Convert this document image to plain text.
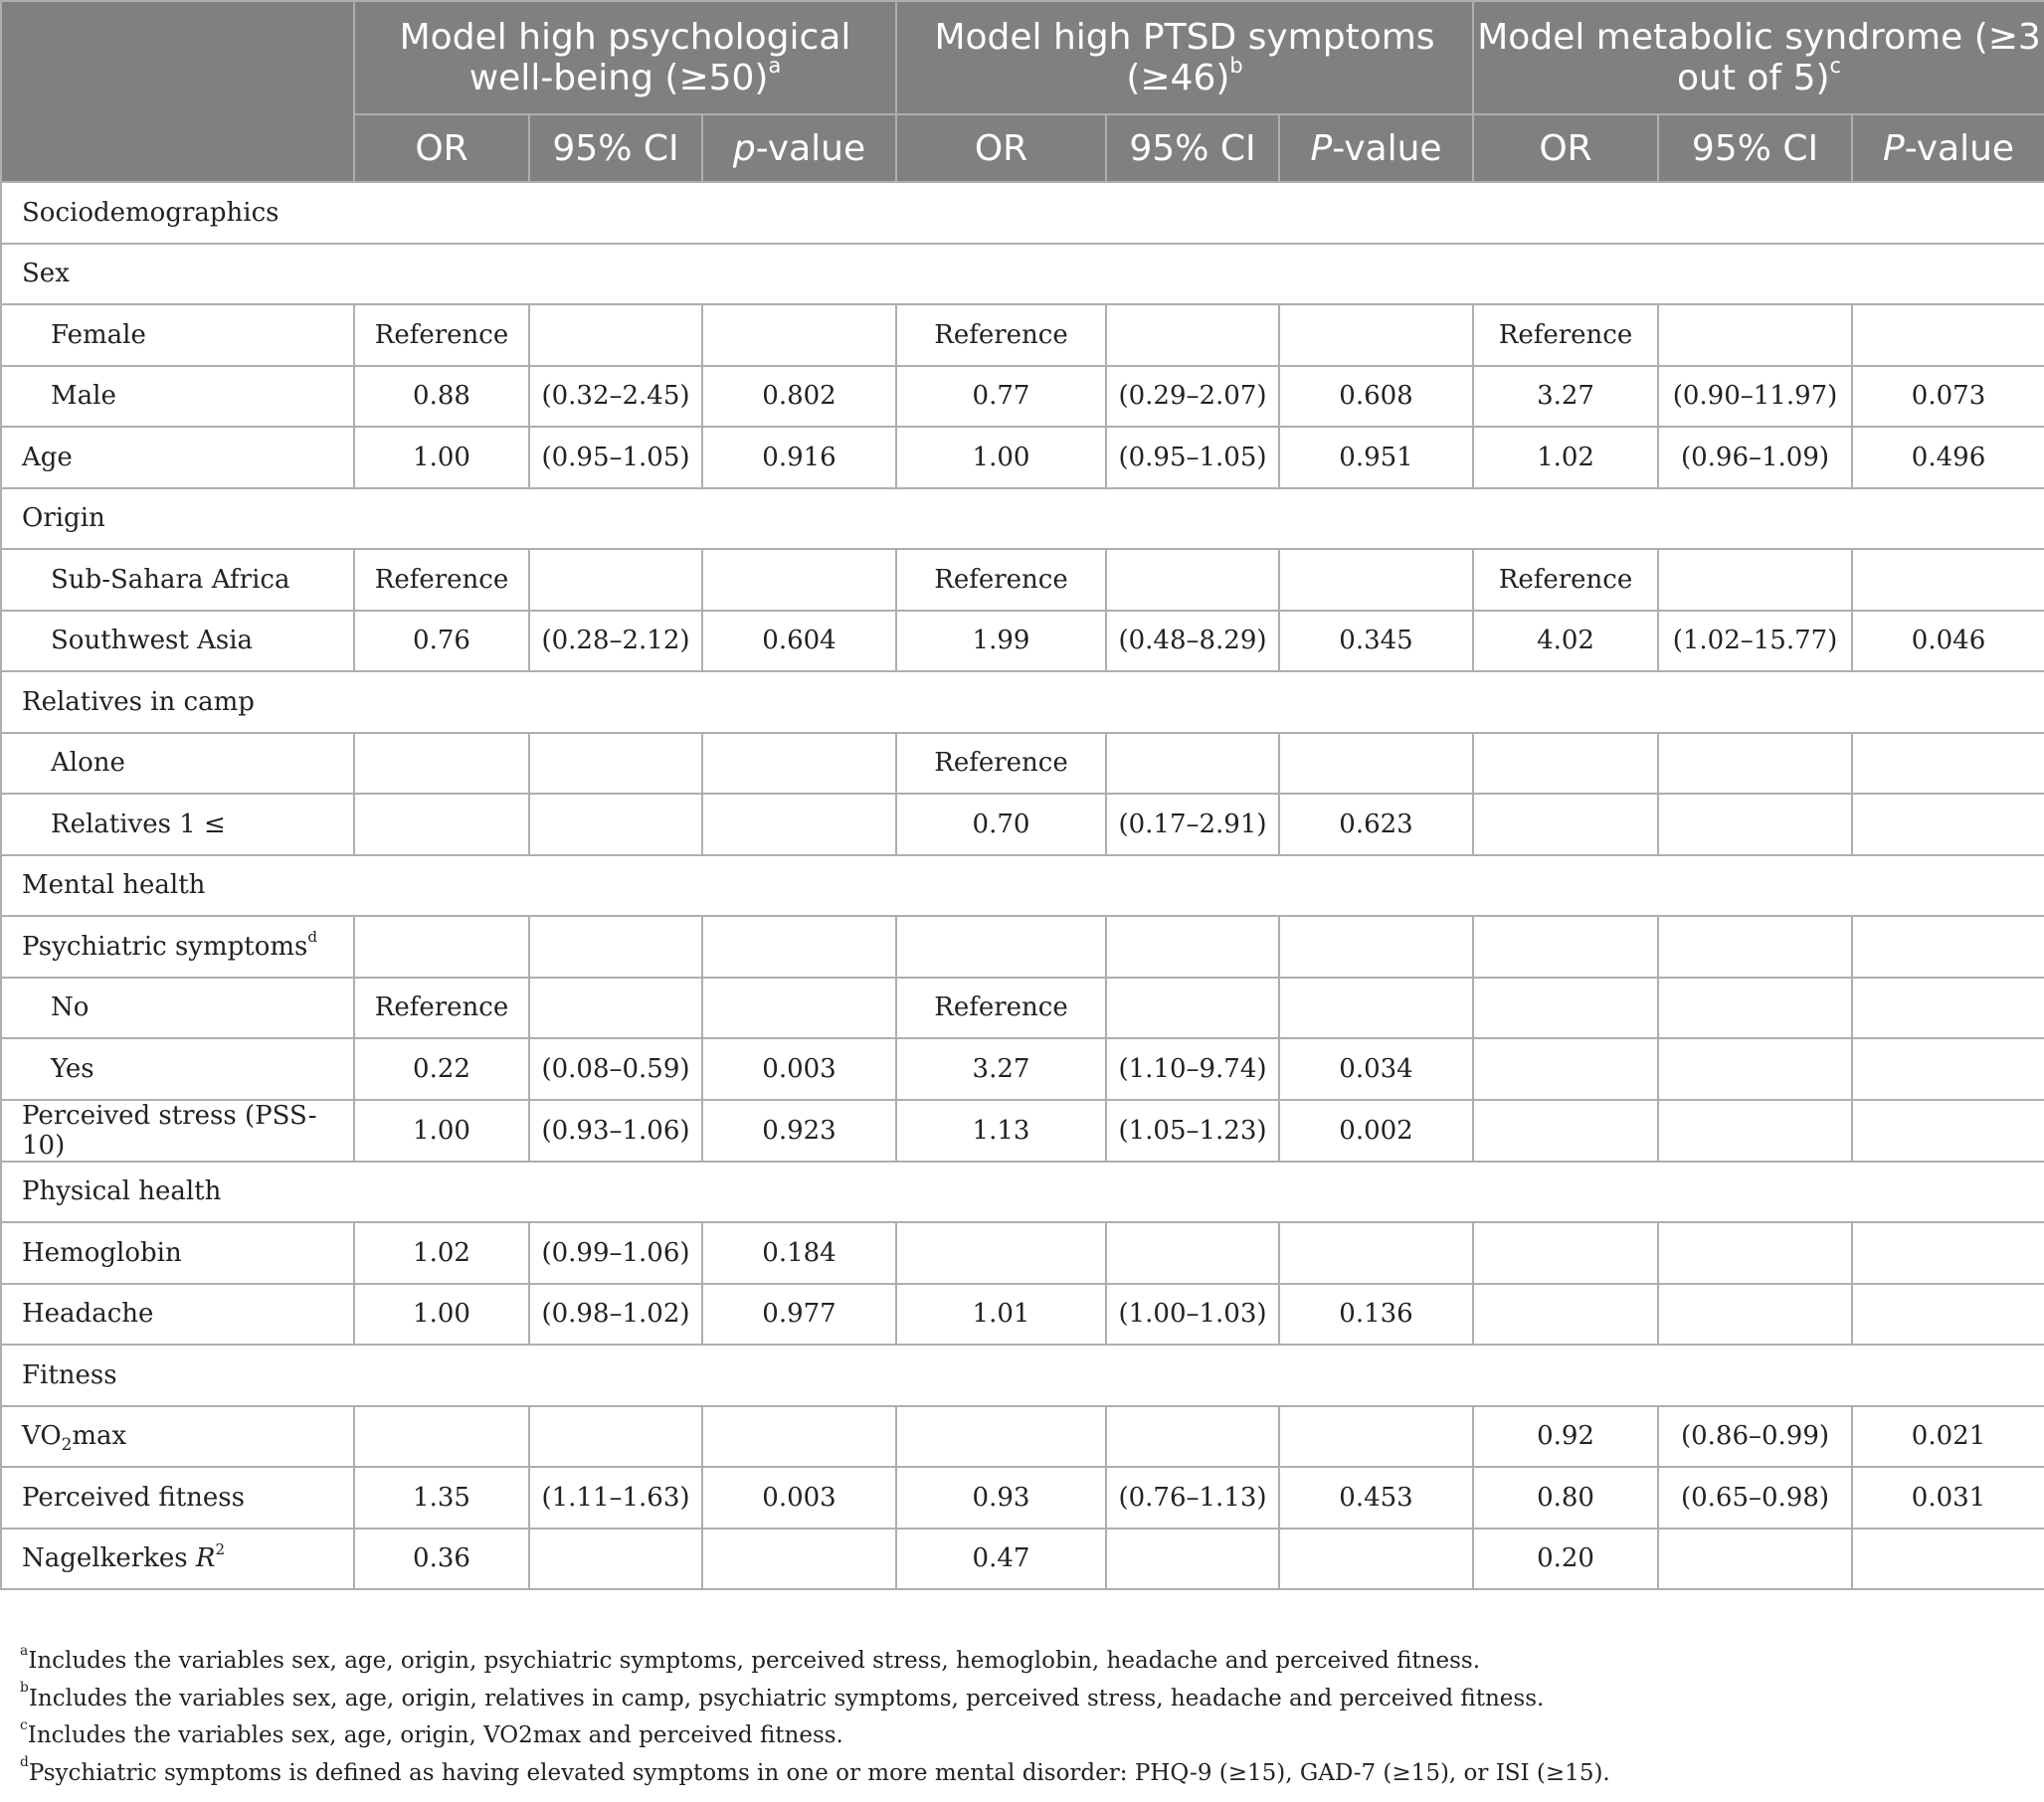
	Model high psychological well-being (≥50)$^a$			Model high PTSD symptoms (≥46)$^b$			Model metabolic syndrome (≥3 out of 5)$^c$
	OR	95% CI	p-value	OR	95% CI	P-value	OR	95% CI	P-value
Sociodemographics									
Sex									
Female	Reference			Reference			Reference		
Male	0.88	(0.32–2.45)	0.802	0.77	(0.29–2.07)	0.608	3.27	(0.90–11.97)	0.073
Age	1.00	(0.95–1.05)	0.916	1.00	(0.95–1.05)	0.951	1.02	(0.96–1.09)	0.496
Origin									
Sub-Sahara Africa	Reference			Reference			Reference		
Southwest Asia	0.76	(0.28–2.12)	0.604	1.99	(0.48–8.29)	0.345	4.02	(1.02–15.77)	0.046
Relatives in camp									
Alone				Reference					
Relatives 1 ≤				0.70	(0.17–2.91)	0.623			
Mental health									
Psychiatric symptoms$^d$									
No	Reference			Reference					
Yes	0.22	(0.08–0.59)	0.003	3.27	(1.10–9.74)	0.034			
Perceived stress (PSS-10)	1.00	(0.93–1.06)	0.923	1.13	(1.05–1.23)	0.002			
Physical health									
Hemoglobin	1.02	(0.99–1.06)	0.184						
Headache	1.00	(0.98–1.02)	0.977	1.01	(1.00–1.03)	0.136			
Fitness									
$VO_2\max$							0.92	(0.86–0.99)	0.021
Perceived fitness	1.35	(1.11–1.63)	0.003	0.93	(0.76–1.13)	0.453	0.80	(0.65–0.98)	0.031
Nagelkerkes $R^2$	0.36			0.47			0.20		

$^a$Includes the variables sex, age, origin, psychiatric symptoms, perceived stress, hemoglobin, headache and perceived fitness.

$^b$Includes the variables sex, age, origin, relatives in camp, psychiatric symptoms, perceived stress, headache and perceived fitness.

$^c$Includes the variables sex, age, origin, VO2max and perceived fitness.

$^d$Psychiatric symptoms is defined as having elevated symptoms in one or more mental disorder: PHQ-9 (≥15), GAD-7 (≥15), or ISI (≥15).
